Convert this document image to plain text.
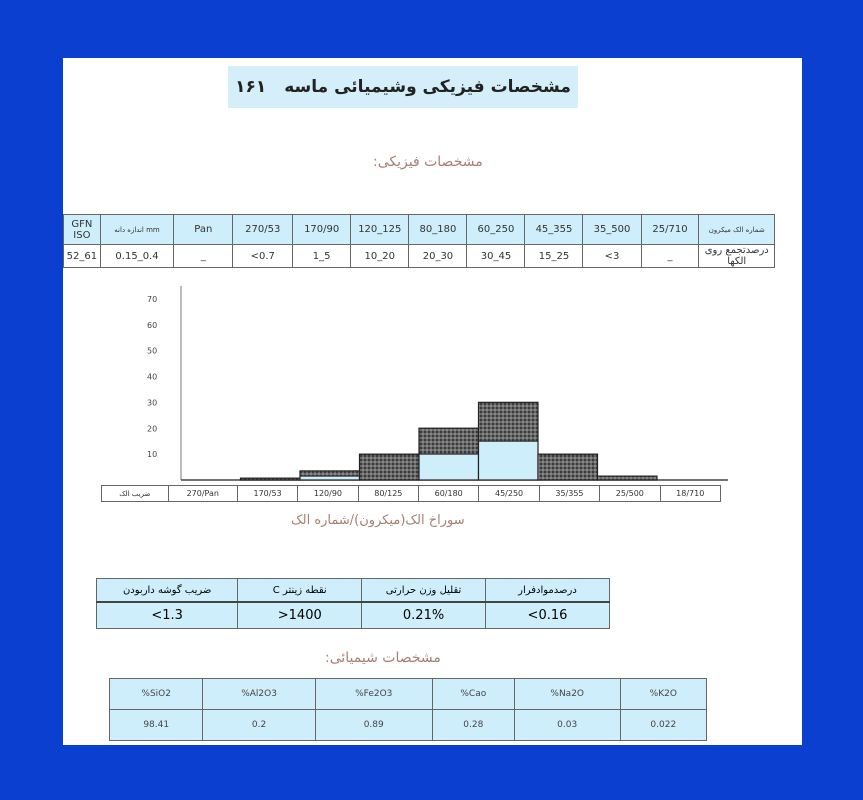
مشخصات فیزیکی وشیمیائی ماسه
۱۶۱
مشخصات فیزیکی:
GFN ISO	mm اندازه دانه	Pan	270/53	170/90	120_125	80_180	60_250	45_355	35_500	25/710	شماره الک میکرون
52_61	0.15_0.4	_	<0.7	1_5	10_20	20_30	30_45	15_25	<3	_	درصدتجمع روی الکها
10
20
30
40
50
60
70
ضریب الک	270/Pan	170/53	120/90	80/125	60/180	45/250	35/355	25/500	18/710
سوراخ الک(میکرون)/شماره الک
ضریب گوشه داربودن	نقطه زینتر C	تقلیل وزن حرارتی	درصدموادفرار
<1.3	>1400	0.21%	<0.16
مشخصات شیمیائی:
%SiO2	%Al2O3	%Fe2O3	%Cao	%Na2O	%K2O
98.41	0.2	0.89	0.28	0.03	0.022
